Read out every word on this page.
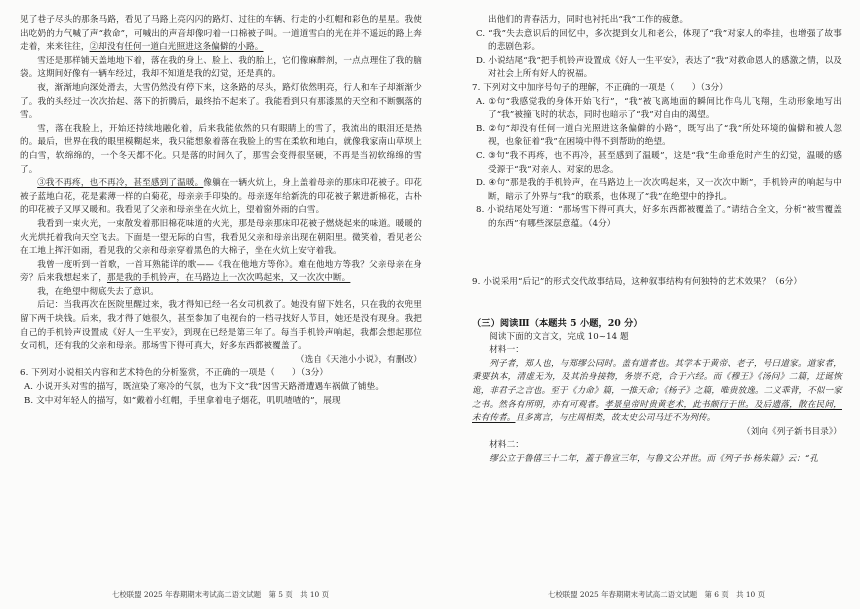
见了巷子尽头的那条马路，看见了马路上亮闪闪的路灯、过往的车辆、行走的小红帽和彩色的星星。我使出吃奶的力气喊了声“救命”，可喊出的声音却像叼着一口棉被子叫。一道道雪白的光在并不遥远的路上奔走着，来来往往，②却没有任何一道白光照进这条偏僻的小路。

雪还是那样铺天盖地地下着，落在我的身上、脸上、我的胎上，它们像麻醉剂，一点点理住了我的脑袋。这期间好像有一辆车经过，我却不知道是我的幻觉，还是真的。

夜，渐渐地向深处滑去，大雪仍然没有停下来，这条路的尽头，路灯依然明亮，行人和车子却渐渐少了。我的头经过一次次抬起、落下的折腾后，最终抬不起来了。我能看到只有那漆黑的天空和不断飘落的雪。

雪，落在我脸上，开始还持续地融化着，后来我能依然的只有眼睛上的雪了，我流出的眼泪还是热的。最后，世界在我的眼里模糊起来，我只能想象着落在我脸上的雪在柔软和地白，就像我家南山草坝上的白雪，软绵绵的，一个冬天都不化。只是落的时间久了，那雪会变得很坚硬，不再是当初软绵绵的雪了。

③我不再疼，也不再冷，甚至感到了温暖。像躺在一辆火炕上，身上盖着母亲的那床印花被子。印花被子蓝地白花，花是素薄一样的白菊花，母亲亲手印染的。母亲逐年给新洗的印花被子絮进新棉花，古朴的印花被子又厚又暖和。我看见了父亲和母亲坐在火炕上，望着窗外雨的白雪。

我看到一束火光，一束散发着那旧棉花味道的火光，那是母亲那床印花被子燃烧起来的味道。暖暖的火光烘托着我向天空飞去。下面是一望无际的白雪，我看见父亲和母亲出现在朝阳里。微笑着，看见老公在工地上挥汗如雨，看见我的父亲和母亲穿着黑色的大棉子，坐在火炕上安守着我。

我曾一度听到一首歌，一首耳熟能详的歌——《我在他地方等你》。难在他地方等我？父亲母亲在身旁？后来我想起来了，那是我的手机铃声，在马路边上一次次鸣起来，又一次次中断。

我，在绝望中彻底失去了意识。

后记：当我再次在医院里醒过来，我才得知已经一名女司机救了。她没有留下姓名，只在我的衣兜里留下两千块钱。后来，我才得了她很久，甚至参加了电视台的一档寻找好人节目，她还是没有现身。我把自己的手机铃声设置成《好人一生平安》，到现在已经是第三年了。每当手机铃声响起，我都会想起那位女司机，还有我的父亲和母亲。那场雪下得可真大，好多东西都被覆盖了。

（选自《天池小小说》，有删改）

6. 下列对小说相关内容和艺术特色的分析鉴赏，不正确的一项是（　　）（3分）

A. 小说开头对雪的描写，既渲染了寒冷的气氛，也为下文“我”因雪天路滑遭遇车祸做了铺垫。

B. 文中对年轻人的描写，如“戴着小红帽，手里拿着电子烟花，叽叽喳喳的”，展现

出他们的青春活力，同时也衬托出“我”工作的疲惫。

C. “我”失去意识后的回忆中，多次提到女儿和老公，体现了“我”对家人的牵挂，也增强了故事的悲剧色彩。

D. 小说结尾“我”把手机铃声设置成《好人一生平安》，表达了“我”对救命恩人的感激之情，以及对社会上所有好人的祝福。

7. 下列对文中加序号句子的理解，不正确的一项是（　　）（3分）

A. ①句“我感觉我的身体开始飞行”，“我”被飞离地面的瞬间比作鸟儿飞翔，生动形象地写出了“我”被撞飞时的状态，同时也暗示了“我”对自由的渴望。

B. ②句“却没有任何一道白光照进这条偏僻的小路”，既写出了“我”所处环境的偏僻和被人忽视，也象征着“我”在困境中得不到帮助的绝望。

C. ③句“我不再疼，也不再冷，甚至感到了温暖”，这是“我”生命垂危时产生的幻觉，温暖的感受源于“我”对亲人、对家的思念。

D. ④句“那是我的手机铃声，在马路边上一次次鸣起来，又一次次中断”，手机铃声的响起与中断，暗示了外界与“我”的联系，也体现了“我”在绝望中的挣扎。

8. 小说结尾处写道：“那场雪下得可真大，好多东西都被覆盖了。”请结合全文，分析“被雪覆盖的东西”有哪些深层意蕴。（4分）

9. 小说采用“后记”的形式交代故事结局，这种叙事结构有何独特的艺术效果？（6分）

（三）阅读Ⅲ（本题共 5 小题，20 分）

阅读下面的文言文，完成 10~14 题

材料一：

列子者，郑人也，与郑缪公同时。盖有道者也。其学本于黄帝、老子，号曰道家。道家者，秉要执本，清虚无为，及其治身接物，务崇不竞，合于六经。而《穆王》《汤问》二篇，迂诞恢诡，非君子之言也。至于《力命》篇，一推天命；《杨子》之篇，唯贵放逸。二义乖背，不似一家之书。然各有所明，亦有可观者。孝景皇帝时贵黄老术，此书颇行于世。及后遗落，散在民间，未有传者。且多寓言，与庄周相类，故太史公司马迁不为列传。

（刘向《列子新书目录》）

材料二：

缪公立于鲁僖三十二年，蓋于鲁宣三年，与鲁文公并世。而《列子书·杨朱篇》云：“孔

七校联盟 2025 年春期期末考试高二语文试题　第 5 页　共 10 页	七校联盟 2025 年春期期末考试高二语文试题　第 6 页　共 10 页
